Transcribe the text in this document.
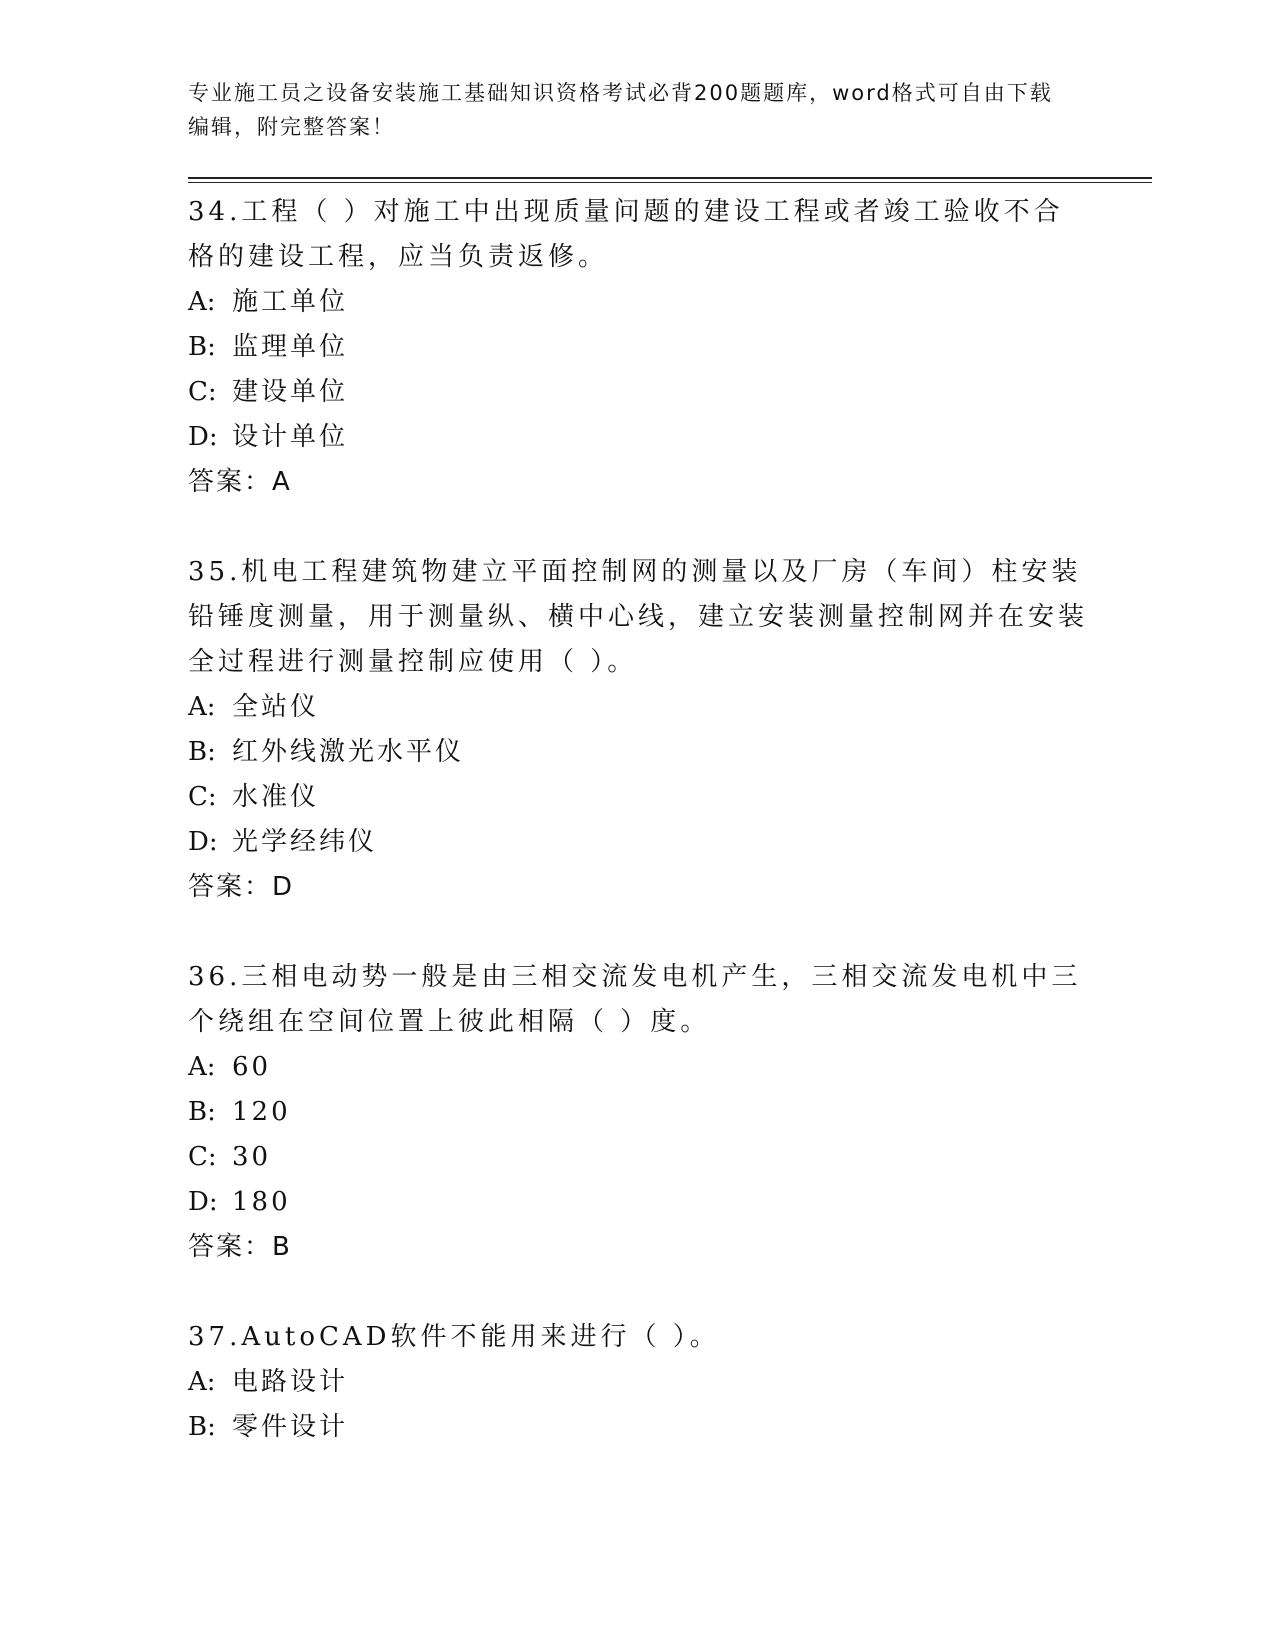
专业施工员之设备安装施工基础知识资格考试必背200题题库，word格式可自由下载编辑，附完整答案！

34.工程（ ）对施工中出现质量问题的建设工程或者竣工验收不合格的建设工程，应当负责返修。

A: 施工单位

B: 监理单位

C: 建设单位

D: 设计单位

答案：A

35.机电工程建筑物建立平面控制网的测量以及厂房（车间）柱安装铅锤度测量，用于测量纵、横中心线，建立安装测量控制网并在安装全过程进行测量控制应使用（ ）。

A: 全站仪

B: 红外线激光水平仪

C: 水准仪

D: 光学经纬仪

答案：D

36.三相电动势一般是由三相交流发电机产生，三相交流发电机中三个绕组在空间位置上彼此相隔（ ）度。

A: 60

B: 120

C: 30

D: 180

答案：B

37.AutoCAD软件不能用来进行（ ）。

A: 电路设计

B: 零件设计
